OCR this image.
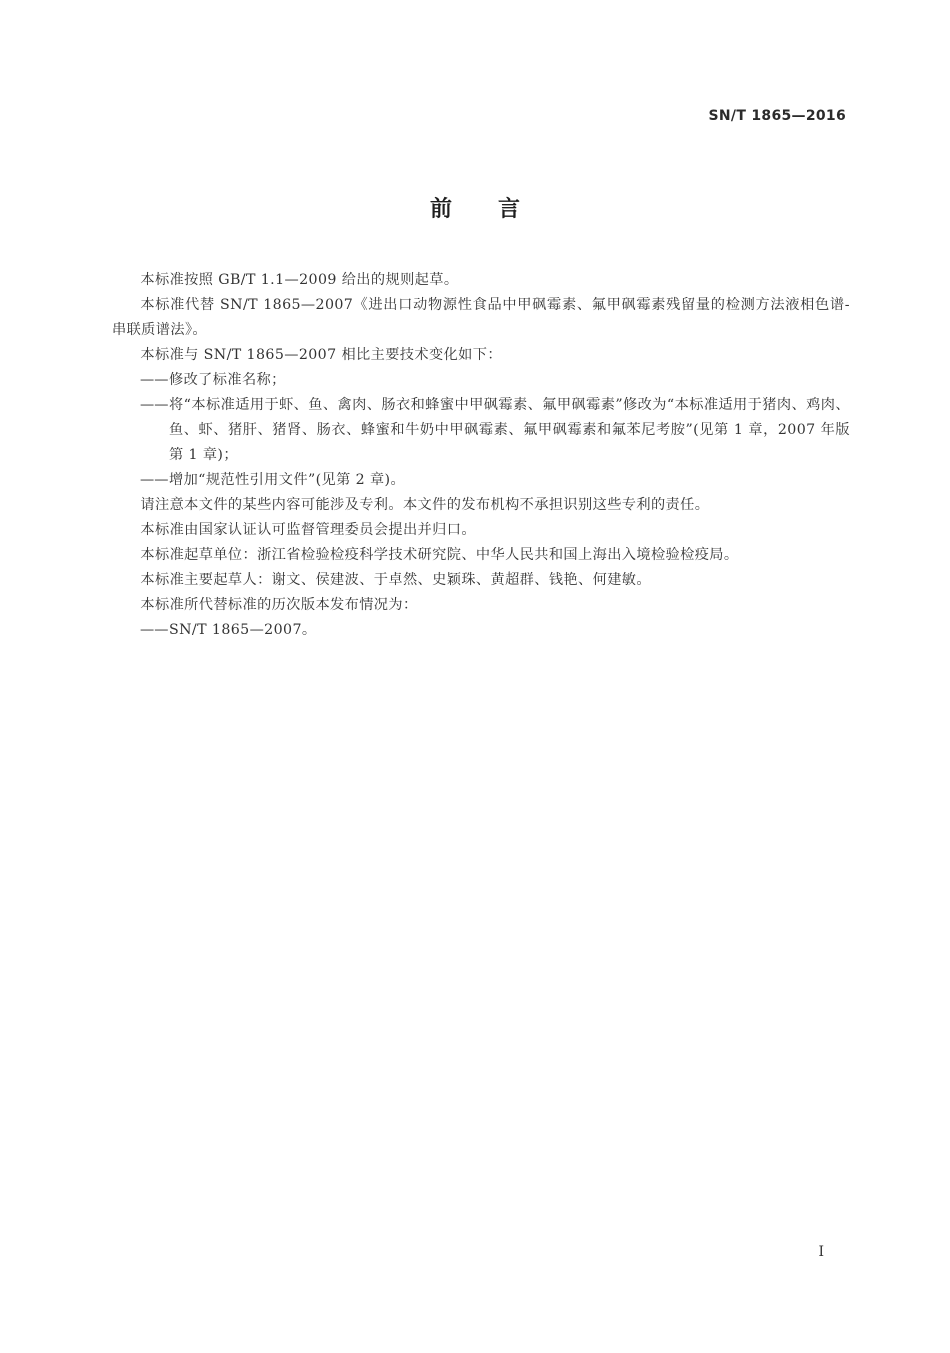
SN/T 1865—2016
前言

本标准按照 GB/T 1.1—2009 给出的规则起草。

本标准代替 SN/T 1865—2007《进出口动物源性食品中甲砜霉素、氟甲砜霉素残留量的检测方法液相色谱-串联质谱法》。

本标准与 SN/T 1865—2007 相比主要技术变化如下：

——修改了标准名称；

——将“本标准适用于虾、鱼、禽肉、肠衣和蜂蜜中甲砜霉素、氟甲砜霉素”修改为“本标准适用于猪肉、鸡肉、鱼、虾、猪肝、猪肾、肠衣、蜂蜜和牛奶中甲砜霉素、氟甲砜霉素和氟苯尼考胺”(见第 1 章，2007 年版第 1 章)；

——增加“规范性引用文件”(见第 2 章)。

请注意本文件的某些内容可能涉及专利。本文件的发布机构不承担识别这些专利的责任。

本标准由国家认证认可监督管理委员会提出并归口。

本标准起草单位：浙江省检验检疫科学技术研究院、中华人民共和国上海出入境检验检疫局。

本标准主要起草人：谢文、侯建波、于卓然、史颖珠、黄超群、钱艳、何建敏。

本标准所代替标准的历次版本发布情况为：

——SN/T 1865—2007。

I
